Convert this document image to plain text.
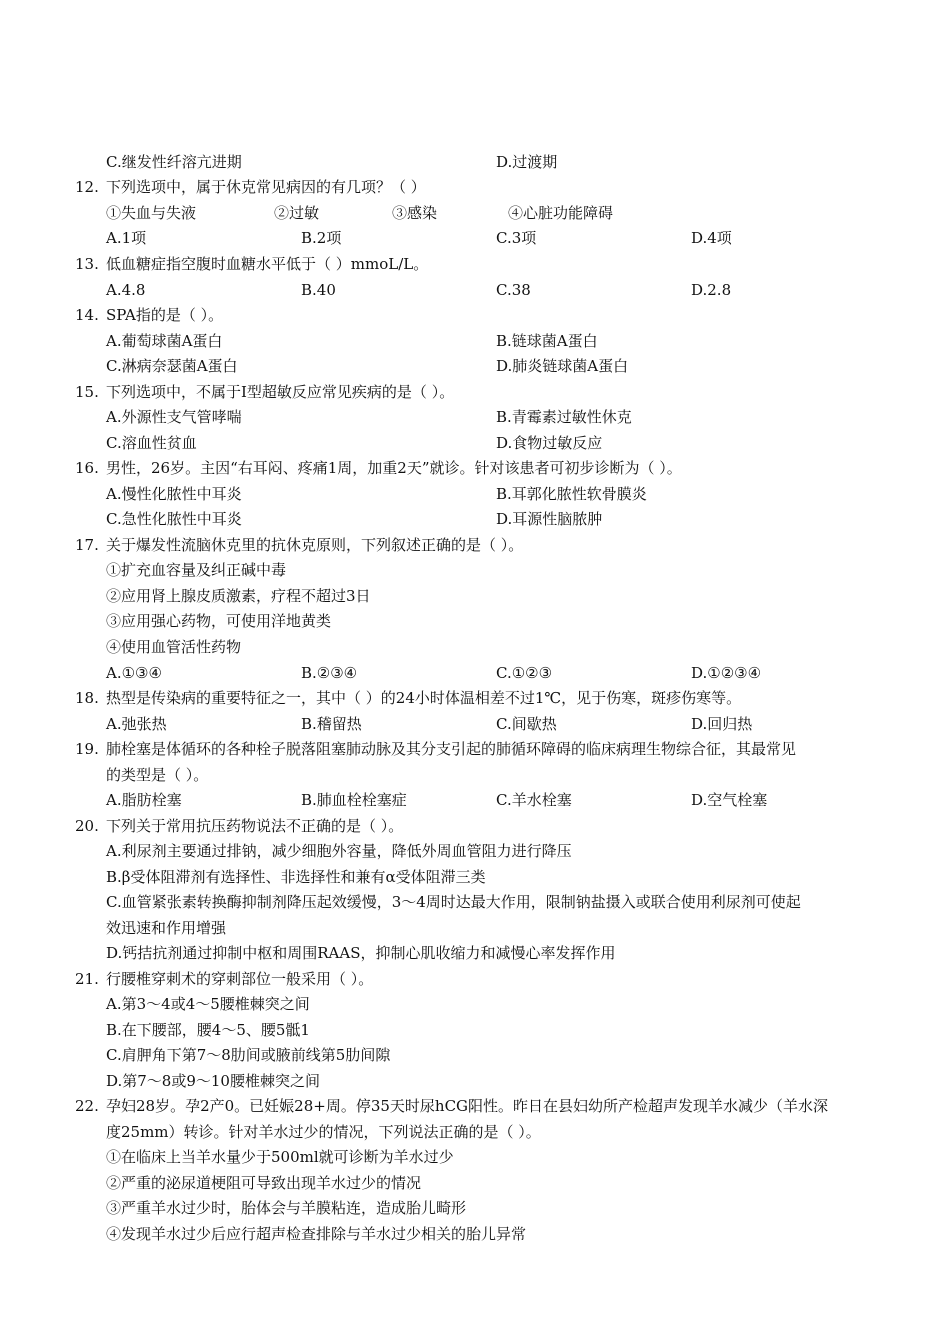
C.继发性纤溶亢进期	D.过渡期
12. 下列选项中，属于休克常见病因的有几项？（ ）
①失血与失液	②过敏	③感染	④心脏功能障碍
A.1项	B.2项	C.3项	D.4项
13. 低血糖症指空腹时血糖水平低于（ ）mmoL/L。
A.4.8	B.40	C.38	D.2.8
14. SPA指的是（ ）。
A.葡萄球菌A蛋白	B.链球菌A蛋白
C.淋病奈瑟菌A蛋白	D.肺炎链球菌A蛋白
15. 下列选项中，不属于I型超敏反应常见疾病的是（ ）。
A.外源性支气管哮喘	B.青霉素过敏性休克
C.溶血性贫血	D.食物过敏反应
16. 男性，26岁。主因“右耳闷、疼痛1周，加重2天”就诊。针对该患者可初步诊断为（ ）。
A.慢性化脓性中耳炎	B.耳郭化脓性软骨膜炎
C.急性化脓性中耳炎	D.耳源性脑脓肿
17. 关于爆发性流脑休克里的抗休克原则，下列叙述正确的是（ ）。
①扩充血容量及纠正碱中毒
②应用肾上腺皮质激素，疗程不超过3日
③应用强心药物，可使用洋地黄类
④使用血管活性药物
A.①③④	B.②③④	C.①②③	D.①②③④
18. 热型是传染病的重要特征之一，其中（ ）的24小时体温相差不过1℃，见于伤寒，斑疹伤寒等。
A.弛张热	B.稽留热	C.间歇热	D.回归热
19. 肺栓塞是体循环的各种栓子脱落阻塞肺动脉及其分支引起的肺循环障碍的临床病理生物综合征，其最常见
的类型是（ ）。
A.脂肪栓塞	B.肺血栓栓塞症	C.羊水栓塞	D.空气栓塞
20. 下列关于常用抗压药物说法不正确的是（ ）。
A.利尿剂主要通过排钠，减少细胞外容量，降低外周血管阻力进行降压
B.β受体阻滞剂有选择性、非选择性和兼有α受体阻滞三类
C.血管紧张素转换酶抑制剂降压起效缓慢，3～4周时达最大作用，限制钠盐摄入或联合使用利尿剂可使起
效迅速和作用增强
D.钙拮抗剂通过抑制中枢和周围RAAS，抑制心肌收缩力和减慢心率发挥作用
21. 行腰椎穿刺术的穿刺部位一般采用（ ）。
A.第3～4或4～5腰椎棘突之间
B.在下腰部，腰4～5、腰5骶1
C.肩胛角下第7～8肋间或腋前线第5肋间隙
D.第7～8或9～10腰椎棘突之间
22. 孕妇28岁。孕2产0。已妊娠28+周。停35天时尿hCG阳性。昨日在县妇幼所产检超声发现羊水减少（羊水深
度25mm）转诊。针对羊水过少的情况，下列说法正确的是（ ）。
①在临床上当羊水量少于500ml就可诊断为羊水过少
②严重的泌尿道梗阻可导致出现羊水过少的情况
③严重羊水过少时，胎体会与羊膜粘连，造成胎儿畸形
④发现羊水过少后应行超声检查排除与羊水过少相关的胎儿异常
